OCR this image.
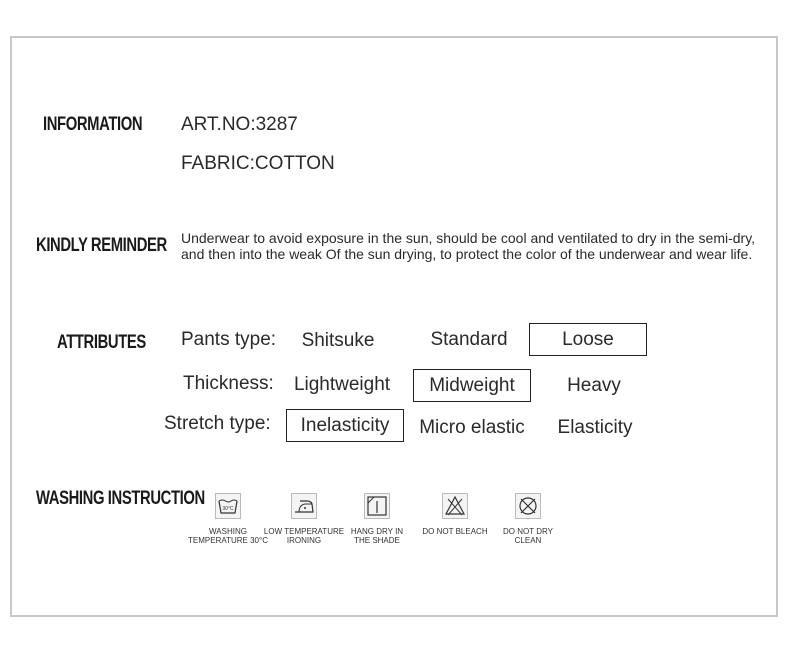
INFORMATION ART.NO:3287
FABRIC:COTTON
KINDLY REMINDER Underwear to avoid exposure in the sun, should be cool and ventilated to dry in the semi-dry,
and then into the weak Of the sun drying, to protect the color of the underwear and wear life.
ATTRIBUTES Pants type:	Shitsuke	Standard	Loose
Thickness:	Lightweight	Midweight	Heavy
Stretch type:	Inelasticity	Micro elastic	Elasticity
WASHING INSTRUCTION	30°C
WASHING
TEMPERATURE 30°C
LOW TEMPERATURE
IRONING
HANG DRY IN
THE SHADE
DO NOT BLEACH	DO NOT DRY
CLEAN
